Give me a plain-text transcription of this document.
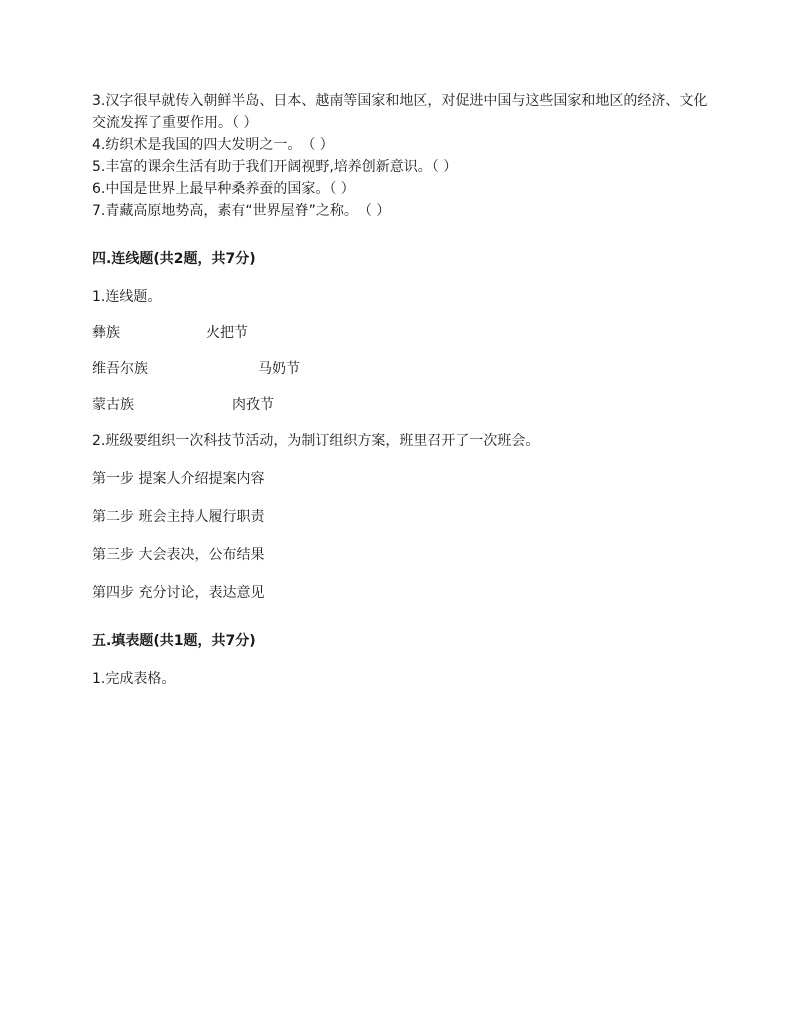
3.汉字很早就传入朝鲜半岛、日本、越南等国家和地区，对促进中国与这些国家和地区的经济、文化交流发挥了重要作用。（ ）
4.纺织术是我国的四大发明之一。　（ ）
5.丰富的课余生活有助于我们开阔视野,培养创新意识。（ ）
6.中国是世界上最早种桑养蚕的国家。（ ）
7.青藏高原地势高，素有“世界屋脊”之称。　（ ）
四.连线题(共2题，共7分)
1.连线题。
彝族	火把节
维吾尔族	马奶节
蒙古族	肉孜节
2.班级要组织一次科技节活动，为制订组织方案，班里召开了一次班会。
第一步 提案人介绍提案内容
第二步 班会主持人履行职责
第三步 大会表决，公布结果
第四步 充分讨论，表达意见
五.填表题(共1题，共7分)
1.完成表格。
